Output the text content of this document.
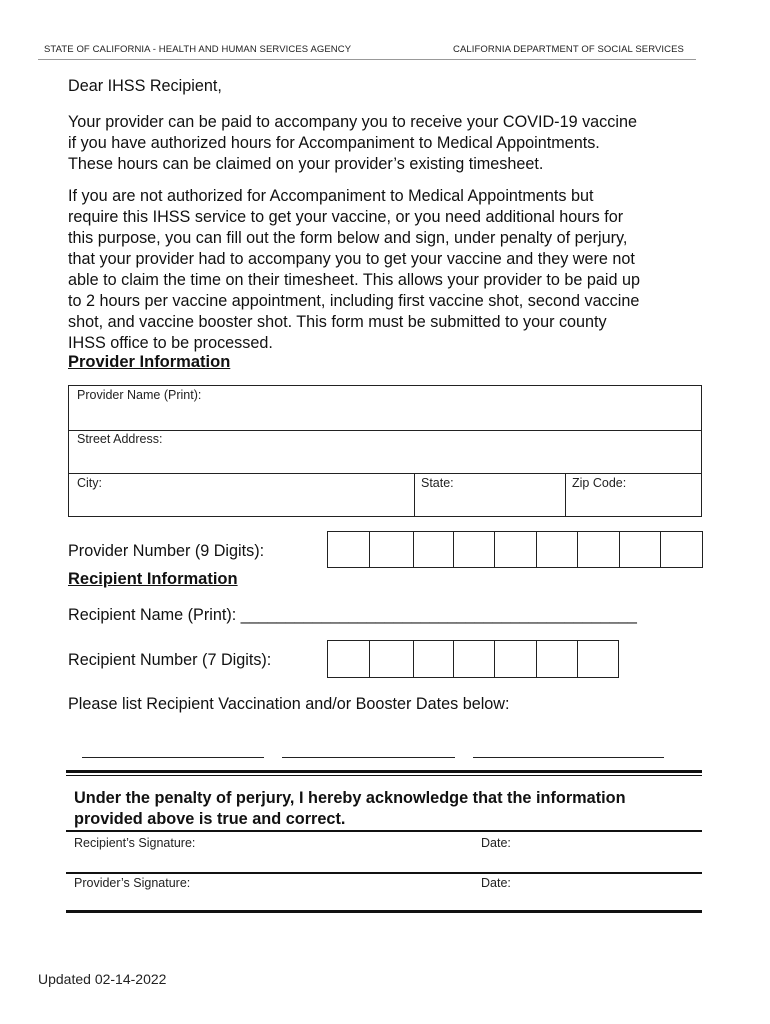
STATE OF CALIFORNIA - HEALTH AND HUMAN SERVICES AGENCY	CALIFORNIA DEPARTMENT OF SOCIAL SERVICES
Dear IHSS Recipient,
Your provider can be paid to accompany you to receive your COVID-19 vaccine
if you have authorized hours for Accompaniment to Medical Appointments.
These hours can be claimed on your provider’s existing timesheet.
If you are not authorized for Accompaniment to Medical Appointments but
require this IHSS service to get your vaccine, or you need additional hours for
this purpose, you can fill out the form below and sign, under penalty of perjury,
that your provider had to accompany you to get your vaccine and they were not
able to claim the time on their timesheet. This allows your provider to be paid up
to 2 hours per vaccine appointment, including first vaccine shot, second vaccine
shot, and vaccine booster shot. This form must be submitted to your county
IHSS office to be processed.
Provider Information
Provider Name (Print):
Street Address:
City:	State:	Zip Code:
Provider Number (9 Digits):
Recipient Information
Recipient Name (Print): ____________________________________________
Recipient Number (7 Digits):
Please list Recipient Vaccination and/or Booster Dates below:
Under the penalty of perjury, I hereby acknowledge that the information
provided above is true and correct.
Recipient’s Signature:	Date:
Provider’s Signature:	Date:
Updated 02-14-2022
